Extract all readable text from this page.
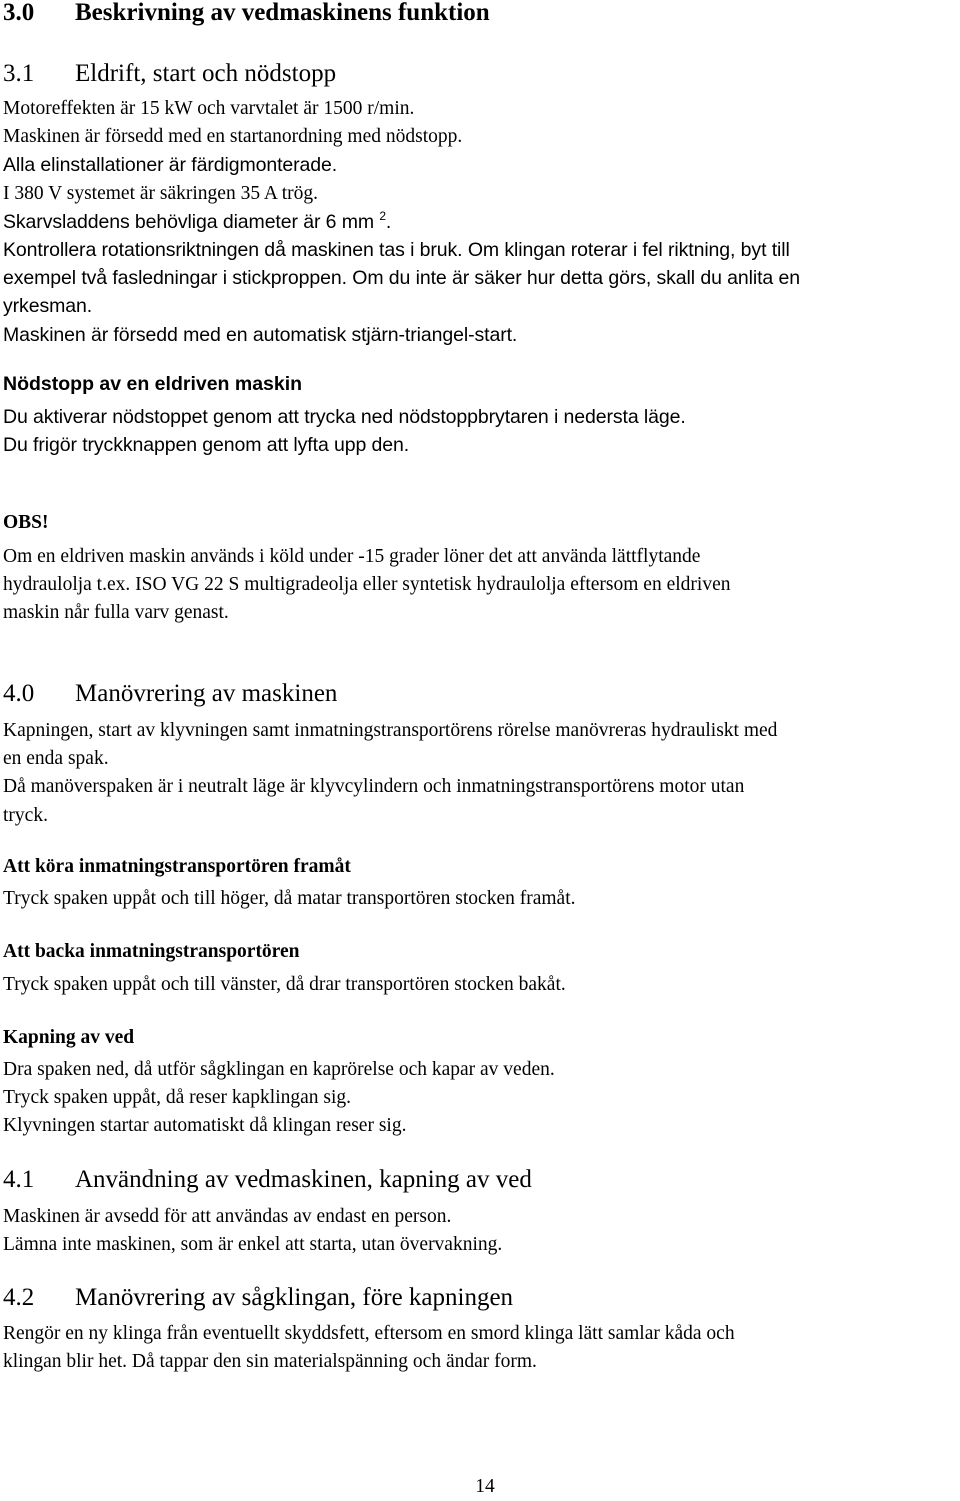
3.0 Beskrivning av vedmaskinens funktion
3.1 Eldrift, start och nödstopp
Motoreffekten är 15 kW och varvtalet är 1500 r/min.
Maskinen är försedd med en startanordning med nödstopp.
Alla elinstallationer är färdigmonterade.
I 380 V systemet är säkringen 35 A trög.
Skarvsladdens behövliga diameter är 6 mm $^2$.
Kontrollera rotationsriktningen då maskinen tas i bruk. Om klingan roterar i fel riktning, byt till
exempel två fasledningar i stickproppen. Om du inte är säker hur detta görs, skall du anlita en
yrkesman.
Maskinen är försedd med en automatisk stjärn-triangel-start.
Nödstopp av en eldriven maskin
Du aktiverar nödstoppet genom att trycka ned nödstoppbrytaren i nedersta läge.
Du frigör tryckknappen genom att lyfta upp den.
OBS!
Om en eldriven maskin används i köld under -15 grader löner det att använda lättflytande
hydraulolja t.ex. ISO VG 22 S multigradeolja eller syntetisk hydraulolja eftersom en eldriven
maskin når fulla varv genast.
4.0 Manövrering av maskinen
Kapningen, start av klyvningen samt inmatningstransportörens rörelse manövreras hydrauliskt med
en enda spak.
Då manöverspaken är i neutralt läge är klyvcylindern och inmatningstransportörens motor utan
tryck.
Att köra inmatningstransportören framåt
Tryck spaken uppåt och till höger, då matar transportören stocken framåt.
Att backa inmatningstransportören
Tryck spaken uppåt och till vänster, då drar transportören stocken bakåt.
Kapning av ved
Dra spaken ned, då utför sågklingan en kaprörelse och kapar av veden.
Tryck spaken uppåt, då reser kapklingan sig.
Klyvningen startar automatiskt då klingan reser sig.
4.1 Användning av vedmaskinen, kapning av ved
Maskinen är avsedd för att användas av endast en person.
Lämna inte maskinen, som är enkel att starta, utan övervakning.
4.2 Manövrering av sågklingan, före kapningen
Rengör en ny klinga från eventuellt skyddsfett, eftersom en smord klinga lätt samlar kåda och
klingan blir het. Då tappar den sin materialspänning och ändar form.
14
